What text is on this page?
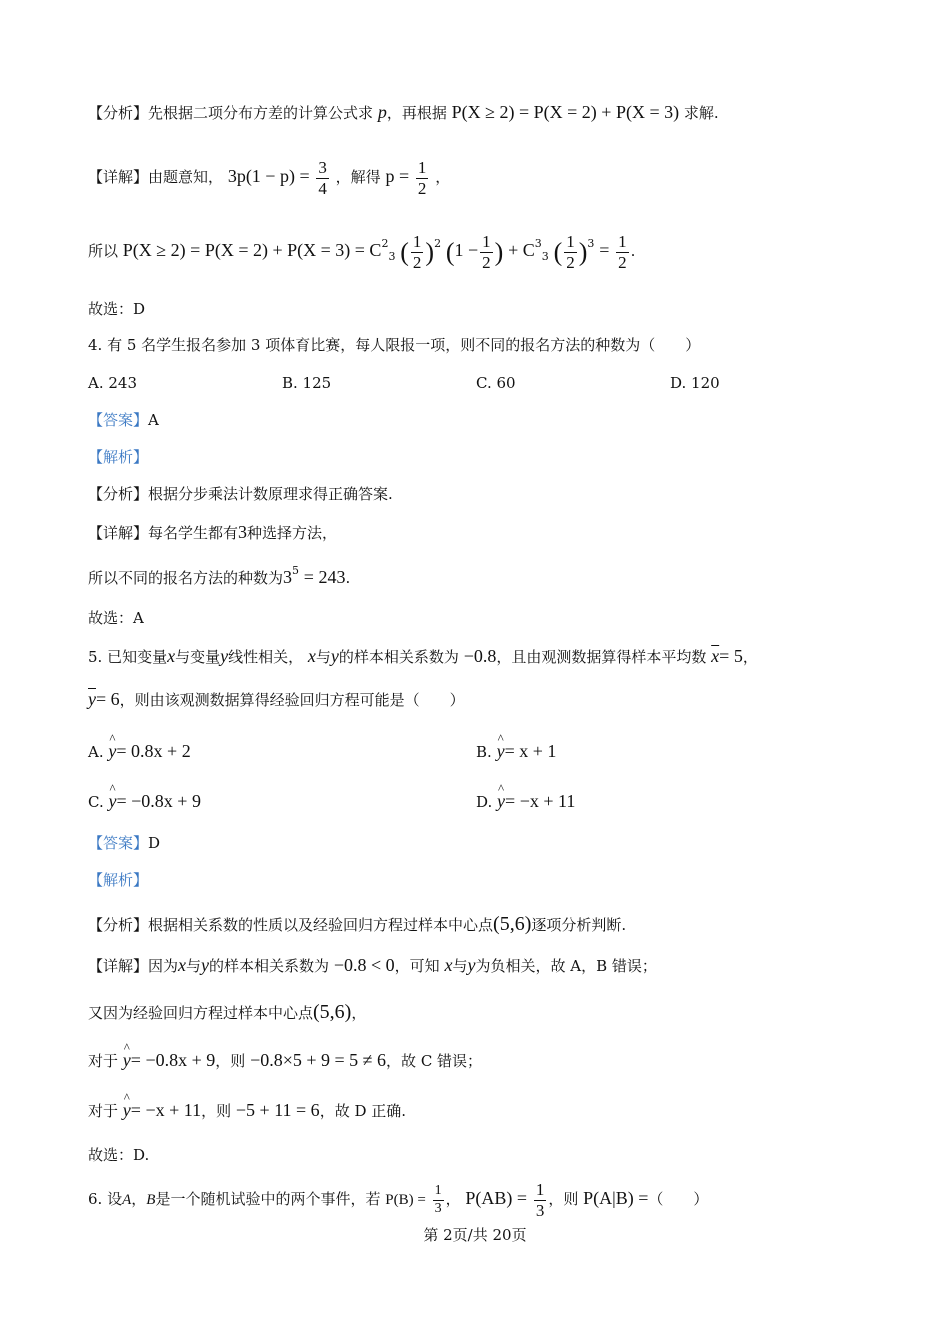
【分析】先根据二项分布方差的计算公式求 p，再根据 P(X ≥ 2) = P(X = 2) + P(X = 3) 求解.
【详解】由题意知， $3p(1 - p) = \frac{3}{4}$ ，解得 $p = \frac{1}{2}$ ，
所以 $P(X \ge 2) = P(X = 2) + P(X = 3) = C^2_3$ ( $\frac{1}{2} )^2$ ($1 - \frac{1}{2}$ ) + $C^3_3$ ( $\frac{1}{2} )^3 = \frac{1}{2}$ .
故选：D
4. 有 5 名学生报名参加 3 项体育比赛，每人限报一项，则不同的报名方法的种数为（　　）
A. 243	B. 125	C. 60	D. 120
【答案】A
【解析】
【分析】根据分步乘法计数原理求得正确答案.
【详解】每名学生都有3种选择方法，
所以不同的报名方法的种数为$3^5 = 243$.
故选：A
5. 已知变量x与变量y线性相关， x与y的样本相关系数为 −0.8，且由观测数据算得样本平均数 $\overline{x}= 5$，
$\overline{y}= 6$，则由该观测数据算得经验回归方程可能是（　　）
A. ^ y= 0.8x + 2	B. ^ y= x + 1
C. ^ y= −0.8x + 9	D. ^ y= −x + 11
【答案】D
【解析】
【分析】根据相关系数的性质以及经验回归方程过样本中心点(5,6)逐项分析判断.
【详解】因为x与y的样本相关系数为 −0.8 < 0，可知 x与y为负相关，故 A，B 错误；
又因为经验回归方程过样本中心点(5,6)，
对于 ^ y= −0.8x + 9，则 −0.8×5 + 9 = 5 ≠ 6，故 C 错误；
对于 ^ y= −x + 11，则 −5 + 11 = 6，故 D 正确.
故选：D.
6. 设A，B是一个随机试验中的两个事件，若 $P(B) = \frac{1}{3}$ ， $P(AB) = \frac{1}{3}$ ，则 P(A|B) =（　　）
第 2页/共 20页
